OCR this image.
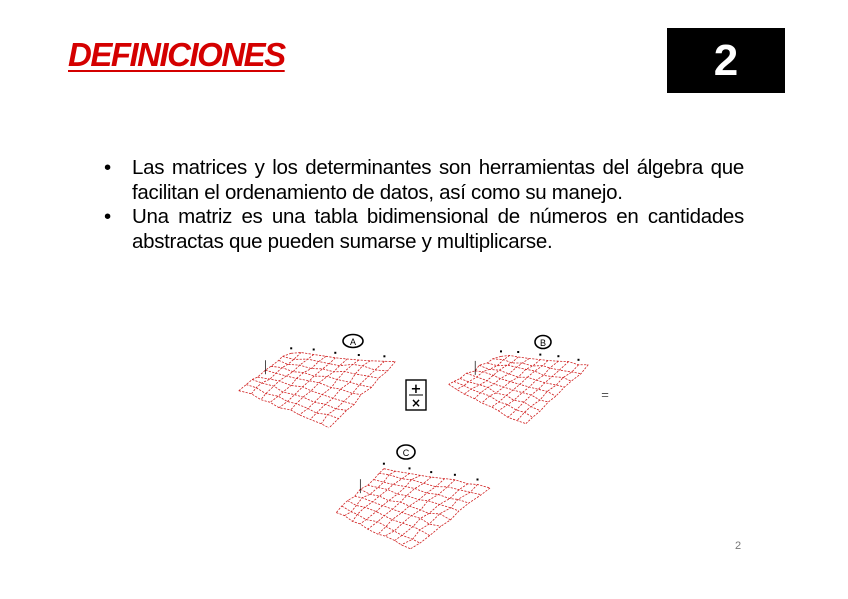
DEFINICIONES	2
• Las matrices y los determinantes son herramientas del álgebra que facilitan el ordenamiento de datos, así como su manejo.
• Una matriz es una tabla bidimensional de números en cantidades abstractas que pueden sumarse y multiplicarse.
A	B
C
+
×
=
2
